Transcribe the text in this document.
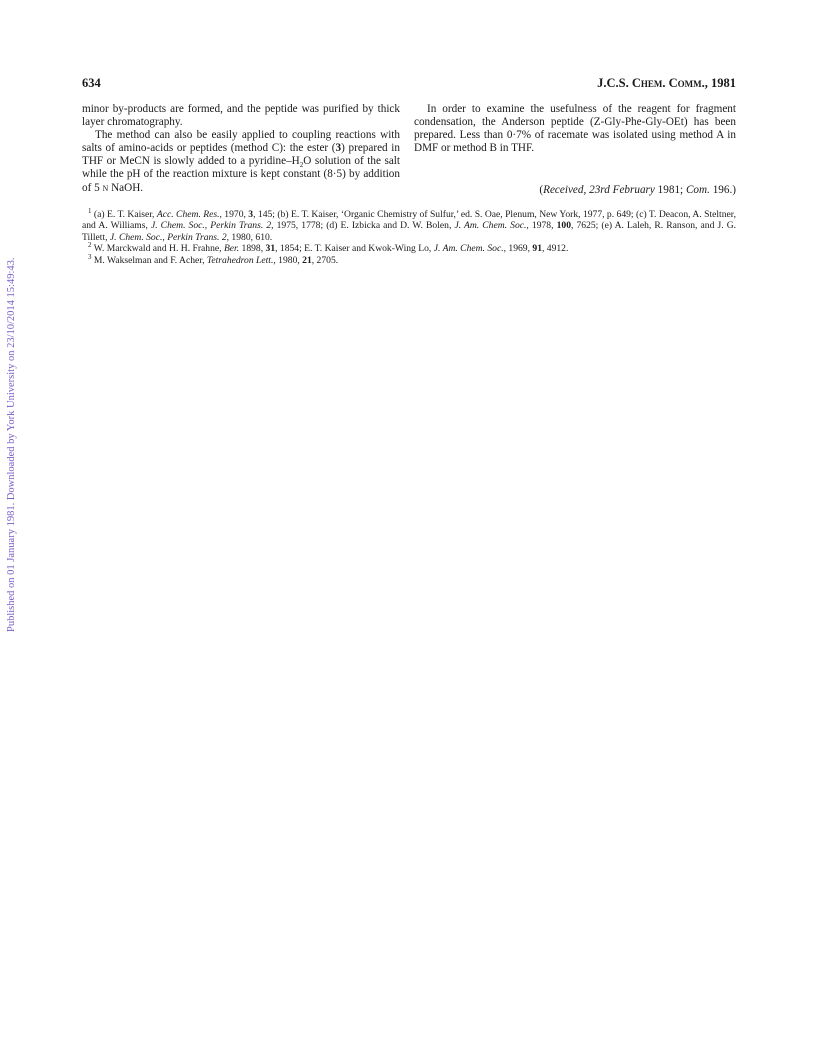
Published on 01 January 1981. Downloaded by York University on 23/10/2014 15:49:43.
634	J.C.S. Chem. Comm., 1981

minor by-products are formed, and the peptide was purified by thick layer chromatography.

The method can also be easily applied to coupling reactions with salts of amino-acids or peptides (method C): the ester (3) prepared in THF or MeCN is slowly added to a pyridine–$H_2O$ solution of the salt while the pH of the reaction mixture is kept constant (8·5) by addition of 5 n NaOH.

In order to examine the usefulness of the reagent for fragment condensation, the Anderson peptide (Z-Gly-Phe-Gly-OEt) has been prepared. Less than 0·7% of racemate was isolated using method A in DMF or method B in THF.

(Received, 23rd February 1981; Com. 196.)

$^1$ (a) E. T. Kaiser, Acc. Chem. Res., 1970, 3, 145; (b) E. T. Kaiser, ‘Organic Chemistry of Sulfur,’ ed. S. Oae, Plenum, New York, 1977, p. 649; (c) T. Deacon, A. Steltner, and A. Williams, J. Chem. Soc., Perkin Trans. 2, 1975, 1778; (d) E. Izbicka and D. W. Bolen, J. Am. Chem. Soc., 1978, 100, 7625; (e) A. Laleh, R. Ranson, and J. G. Tillett, J. Chem. Soc., Perkin Trans. 2, 1980, 610.

$^2$ W. Marckwald and H. H. Frahne, Ber. 1898, 31, 1854; E. T. Kaiser and Kwok-Wing Lo, J. Am. Chem. Soc., 1969, 91, 4912.

$^3$ M. Wakselman and F. Acher, Tetrahedron Lett., 1980, 21, 2705.
